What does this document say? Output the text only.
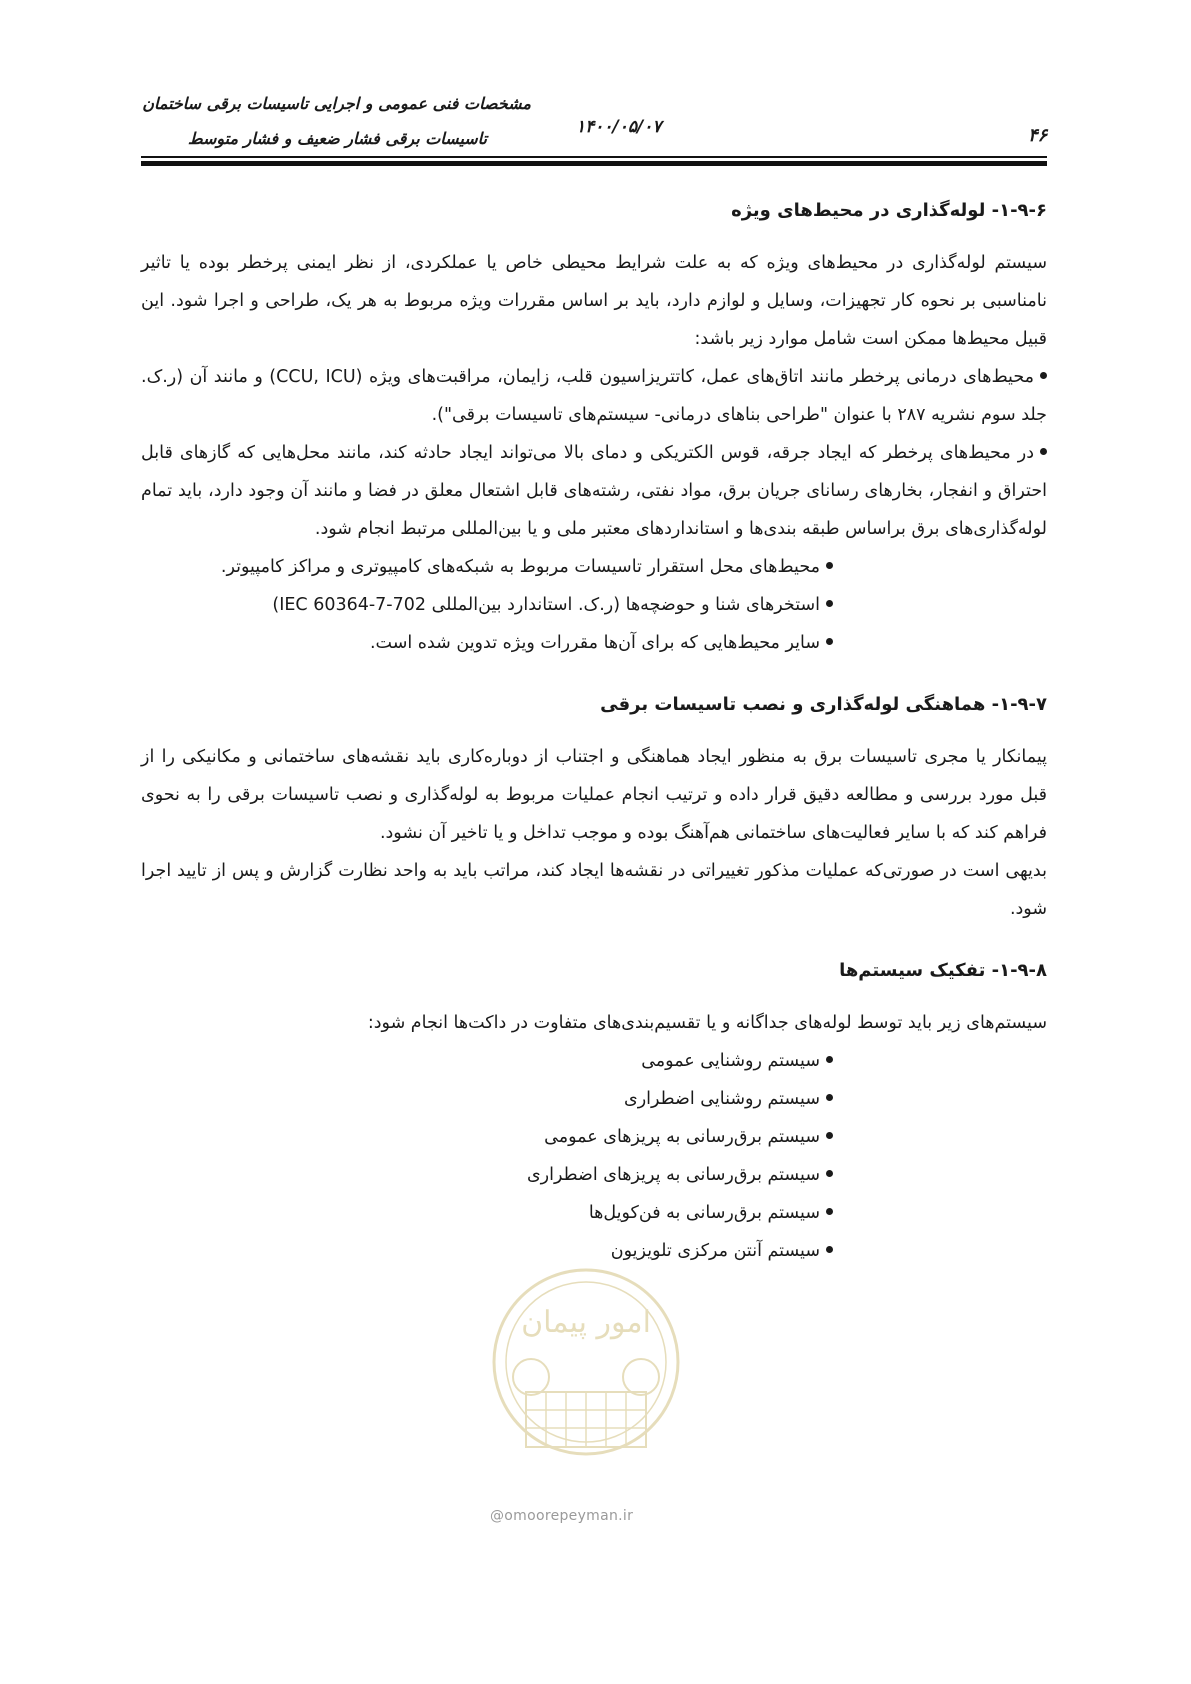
مشخصات فنی عمومی و اجرایی تاسیسات برقی ساختمان
تاسیسات برقی فشار ضعیف و فشار متوسط
۱۴۰۰/۰۵/۰۷	۴۶
۱-۹-۶- لوله‌گذاری در محیط‌های ویژه

سیستم لوله‌گذاری در محیط‌های ویژه که به علت شرایط محیطی خاص یا عملکردی، از نظر ایمنی پرخطر بوده یا تاثیر نامناسبی بر نحوه کار تجهیزات، وسایل و لوازم دارد، باید بر اساس مقررات ویژه مربوط به هر یک، طراحی و اجرا شود. این قبیل محیط‌ها ممکن است شامل موارد زیر باشد:

محیط‌های درمانی پرخطر مانند اتاق‌های عمل، کاتتریزاسیون قلب، زایمان، مراقبت‌های ویژه (CCU, ICU) و مانند آن (ر.ک. جلد سوم نشریه ۲۸۷ با عنوان "طراحی بناهای درمانی- سیستم‌های تاسیسات برقی").
در محیط‌های پرخطر که ایجاد جرقه، قوس الکتریکی و دمای بالا می‌تواند ایجاد حادثه کند، مانند محل‌هایی که گازهای قابل احتراق و انفجار، بخارهای رسانای جریان برق، مواد نفتی، رشته‌های قابل اشتعال معلق در فضا و مانند آن وجود دارد، باید تمام لوله‌گذاری‌های برق براساس طبقه بندی‌ها و استانداردهای معتبر ملی و یا بین‌المللی مرتبط انجام شود.
محیط‌های محل استقرار تاسیسات مربوط به شبکه‌های کامپیوتری و مراکز کامپیوتر.
استخرهای شنا و حوضچه‌ها (ر.ک. استاندارد بین‌المللی IEC 60364-7-702)
سایر محیط‌هایی که برای آن‌ها مقررات ویژه تدوین شده است.
۱-۹-۷- هماهنگی لوله‌گذاری و نصب تاسیسات برقی

پیمانکار یا مجری تاسیسات برق به منظور ایجاد هماهنگی و اجتناب از دوباره‌کاری باید نقشه‌های ساختمانی و مکانیکی را از قبل مورد بررسی و مطالعه دقیق قرار داده و ترتیب انجام عملیات مربوط به لوله‌گذاری و نصب تاسیسات برقی را به نحوی فراهم کند که با سایر فعالیت‌های ساختمانی هم‌آهنگ بوده و موجب تداخل و یا تاخیر آن نشود.

بدیهی است در صورتی‌که عملیات مذکور تغییراتی در نقشه‌ها ایجاد کند، مراتب باید به واحد نظارت گزارش و پس از تایید اجرا شود.

۱-۹-۸- تفکیک سیستم‌ها

سیستم‌های زیر باید توسط لوله‌های جداگانه و یا تقسیم‌بندی‌های متفاوت در داکت‌ها انجام شود:

سیستم روشنایی عمومی
سیستم روشنایی اضطراری
سیستم برق‌رسانی به پریزهای عمومی
سیستم برق‌رسانی به پریزهای اضطراری
سیستم برق‌رسانی به فن‌کویل‌ها
سیستم آنتن مرکزی تلویزیون
امور پیمان
@omoorepeyman.ir
